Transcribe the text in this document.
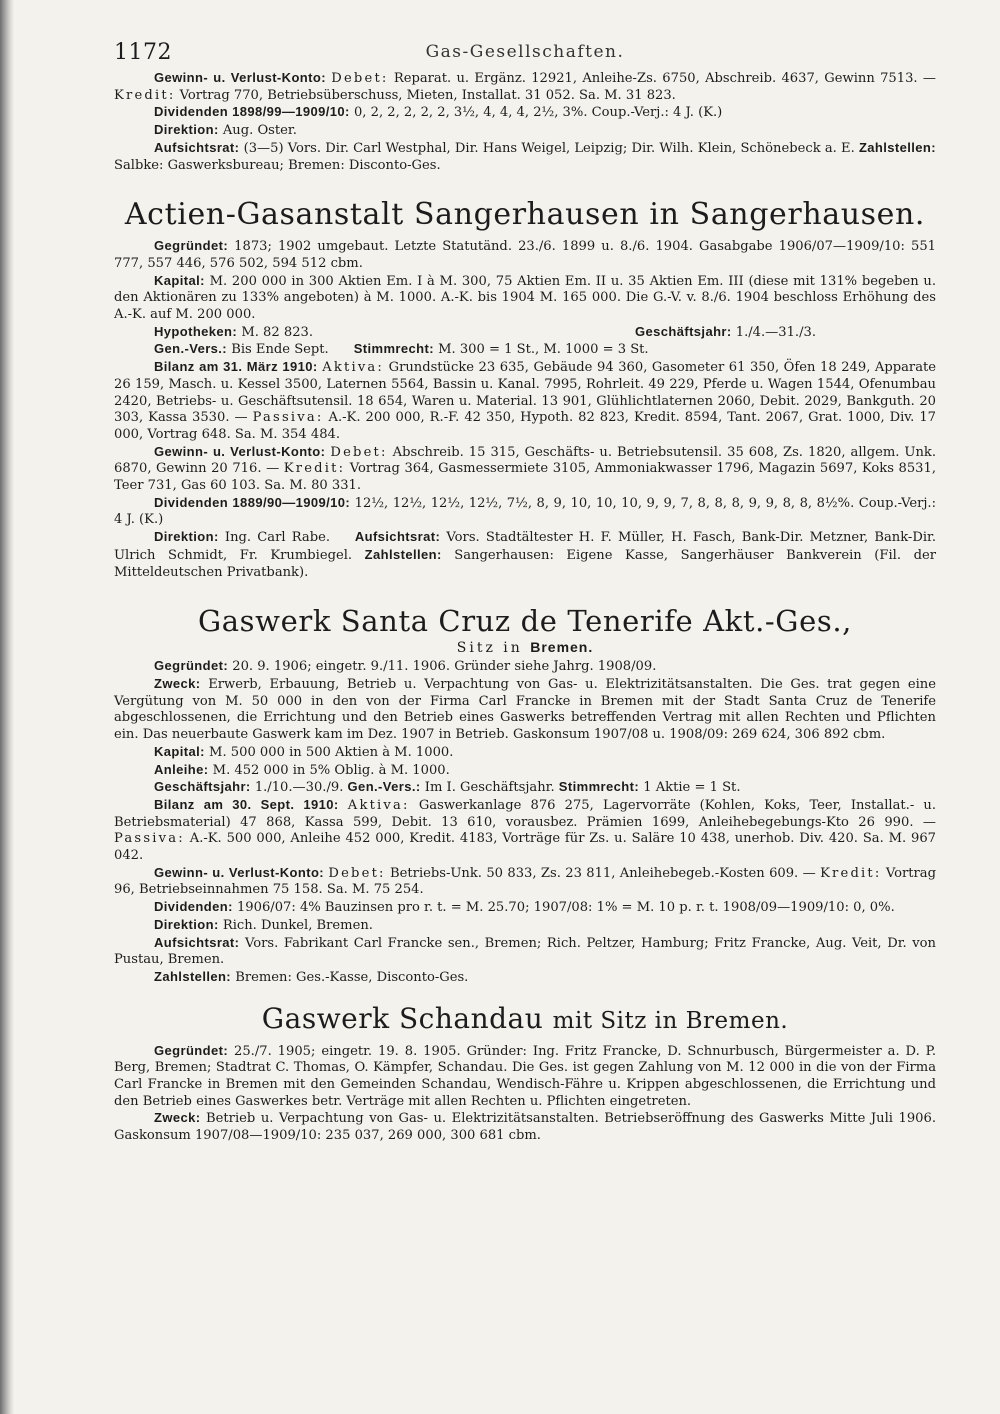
1172	Gas-Gesellschaften.

Gewinn- u. Verlust-Konto: Debet: Reparat. u. Ergänz. 12921, Anleihe-Zs. 6750, Abschreib. 4637, Gewinn 7513. — Kredit: Vortrag 770, Betriebsüberschuss, Mieten, Installat. 31 052. Sa. M. 31 823.

Dividenden 1898/99—1909/10: 0, 2, 2, 2, 2, 2, 3½, 4, 4, 4, 2½, 3%. Coup.-Verj.: 4 J. (K.)

Direktion: Aug. Oster.

Aufsichtsrat: (3—5) Vors. Dir. Carl Westphal, Dir. Hans Weigel, Leipzig; Dir. Wilh. Klein, Schönebeck a. E. Zahlstellen: Salbke: Gaswerksbureau; Bremen: Disconto-Ges.

Actien-Gasanstalt Sangerhausen in Sangerhausen.

Gegründet: 1873; 1902 umgebaut. Letzte Statutänd. 23./6. 1899 u. 8./6. 1904. Gasabgabe 1906/07—1909/10: 551 777, 557 446, 576 502, 594 512 cbm.

Kapital: M. 200 000 in 300 Aktien Em. I à M. 300, 75 Aktien Em. II u. 35 Aktien Em. III (diese mit 131% begeben u. den Aktionären zu 133% angeboten) à M. 1000. A.-K. bis 1904 M. 165 000. Die G.-V. v. 8./6. 1904 beschloss Erhöhung des A.-K. auf M. 200 000.

Hypotheken: M. 82 823.	Geschäftsjahr: 1./4.—31./3.

Gen.-Vers.: Bis Ende Sept. Stimmrecht: M. 300 = 1 St., M. 1000 = 3 St.

Bilanz am 31. März 1910: Aktiva: Grundstücke 23 635, Gebäude 94 360, Gasometer 61 350, Öfen 18 249, Apparate 26 159, Masch. u. Kessel 3500, Laternen 5564, Bassin u. Kanal. 7995, Rohrleit. 49 229, Pferde u. Wagen 1544, Ofenumbau 2420, Betriebs- u. Geschäftsutensil. 18 654, Waren u. Material. 13 901, Glühlichtlaternen 2060, Debit. 2029, Bankguth. 20 303, Kassa 3530. — Passiva: A.-K. 200 000, R.-F. 42 350, Hypoth. 82 823, Kredit. 8594, Tant. 2067, Grat. 1000, Div. 17 000, Vortrag 648. Sa. M. 354 484.

Gewinn- u. Verlust-Konto: Debet: Abschreib. 15 315, Geschäfts- u. Betriebsutensil. 35 608, Zs. 1820, allgem. Unk. 6870, Gewinn 20 716. — Kredit: Vortrag 364, Gasmessermiete 3105, Ammoniakwasser 1796, Magazin 5697, Koks 8531, Teer 731, Gas 60 103. Sa. M. 80 331.

Dividenden 1889/90—1909/10: 12½, 12½, 12½, 12½, 7½, 8, 9, 10, 10, 10, 9, 9, 7, 8, 8, 8, 9, 9, 8, 8, 8½%. Coup.-Verj.: 4 J. (K.)

Direktion: Ing. Carl Rabe. Aufsichtsrat: Vors. Stadtältester H. F. Müller, H. Fasch, Bank-Dir. Metzner, Bank-Dir. Ulrich Schmidt, Fr. Krumbiegel. Zahlstellen: Sangerhausen: Eigene Kasse, Sangerhäuser Bankverein (Fil. der Mitteldeutschen Privatbank).

Gaswerk Santa Cruz de Tenerife Akt.-Ges.,
Sitz in Bremen.

Gegründet: 20. 9. 1906; eingetr. 9./11. 1906. Gründer siehe Jahrg. 1908/09.

Zweck: Erwerb, Erbauung, Betrieb u. Verpachtung von Gas- u. Elektrizitätsanstalten. Die Ges. trat gegen eine Vergütung von M. 50 000 in den von der Firma Carl Francke in Bremen mit der Stadt Santa Cruz de Tenerife abgeschlossenen, die Errichtung und den Betrieb eines Gaswerks betreffenden Vertrag mit allen Rechten und Pflichten ein. Das neuerbaute Gaswerk kam im Dez. 1907 in Betrieb. Gaskonsum 1907/08 u. 1908/09: 269 624, 306 892 cbm.

Kapital: M. 500 000 in 500 Aktien à M. 1000.

Anleihe: M. 452 000 in 5% Oblig. à M. 1000.

Geschäftsjahr: 1./10.—30./9. Gen.-Vers.: Im I. Geschäftsjahr. Stimmrecht: 1 Aktie = 1 St.

Bilanz am 30. Sept. 1910: Aktiva: Gaswerkanlage 876 275, Lagervorräte (Kohlen, Koks, Teer, Installat.- u. Betriebsmaterial) 47 868, Kassa 599, Debit. 13 610, vorausbez. Prämien 1699, Anleihebegebungs-Kto 26 990. — Passiva: A.-K. 500 000, Anleihe 452 000, Kredit. 4183, Vorträge für Zs. u. Saläre 10 438, unerhob. Div. 420. Sa. M. 967 042.

Gewinn- u. Verlust-Konto: Debet: Betriebs-Unk. 50 833, Zs. 23 811, Anleihebegeb.-Kosten 609. — Kredit: Vortrag 96, Betriebseinnahmen 75 158. Sa. M. 75 254.

Dividenden: 1906/07: 4% Bauzinsen pro r. t. = M. 25.70; 1907/08: 1% = M. 10 p. r. t. 1908/09—1909/10: 0, 0%.

Direktion: Rich. Dunkel, Bremen.

Aufsichtsrat: Vors. Fabrikant Carl Francke sen., Bremen; Rich. Peltzer, Hamburg; Fritz Francke, Aug. Veit, Dr. von Pustau, Bremen.

Zahlstellen: Bremen: Ges.-Kasse, Disconto-Ges.

Gaswerk Schandau mit Sitz in Bremen.

Gegründet: 25./7. 1905; eingetr. 19. 8. 1905. Gründer: Ing. Fritz Francke, D. Schnurbusch, Bürgermeister a. D. P. Berg, Bremen; Stadtrat C. Thomas, O. Kämpfer, Schandau. Die Ges. ist gegen Zahlung von M. 12 000 in die von der Firma Carl Francke in Bremen mit den Gemeinden Schandau, Wendisch-Fähre u. Krippen abgeschlossenen, die Errichtung und den Betrieb eines Gaswerkes betr. Verträge mit allen Rechten u. Pflichten eingetreten.

Zweck: Betrieb u. Verpachtung von Gas- u. Elektrizitätsanstalten. Betriebseröffnung des Gaswerks Mitte Juli 1906. Gaskonsum 1907/08—1909/10: 235 037, 269 000, 300 681 cbm.
